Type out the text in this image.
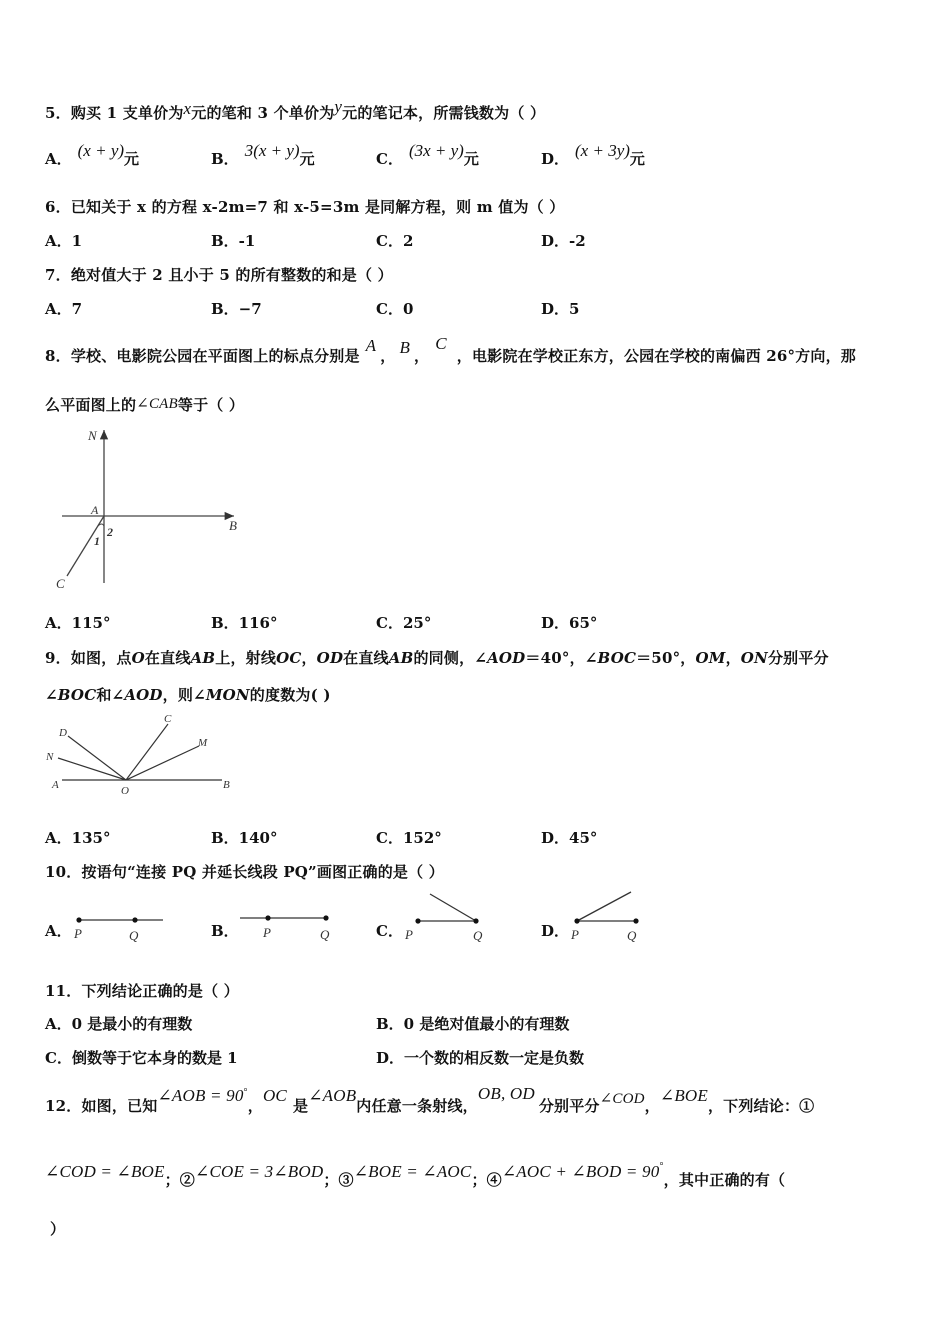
5．购买 1 支单价为x元的笔和 3 个单价为y元的笔记本，所需钱数为（ ）
A． (x + y)元	B． 3(x + y)元	C． (3x + y)元	D． (x + 3y)元
6．已知关于 x 的方程 x-2m=7 和 x-5=3m 是同解方程，则 m 值为（ ）
A．1	B．-1	C．2	D．-2
7．绝对值大于 2 且小于 5 的所有整数的和是（ ）
A．7	B．−7	C．0	D．5
8．学校、电影院公园在平面图上的标点分别是A， B ，C，电影院在学校正东方，公园在学校的南偏西 26°方向，那
么平面图上的∠CAB等于（ ）
N
A
B
C
1
2
A．115°	B．116°	C．25°	D．65°
9．如图，点O在直线AB上，射线OC，OD在直线AB的同侧，∠AOD＝40°，∠BOC＝50°，OM，ON分别平分
∠BOC和∠AOD，则∠MON的度数为( )
D
C
M
N
A	O	B
A．135°	B．140°	C．152°	D．45°
10．按语句“连接 PQ 并延长线段 PQ”画图正确的是（ ）
A．	B．	C．	D．
P	Q	P	Q	P	Q	P	Q
11．下列结论正确的是（ ）
A．0 是最小的有理数	B．0 是绝对值最小的有理数
C．倒数等于它本身的数是 1	D．一个数的相反数一定是负数
12．如图，已知∠AOB = 90°，OC是∠AOB内任意一条射线，OB, OD分别平分∠COD，∠BOE，下列结论：①
∠COD = ∠BOE；②∠COE = 3∠BOD；③∠BOE = ∠AOC；④∠AOC + ∠BOD = 90°，其中正确的有（
）
